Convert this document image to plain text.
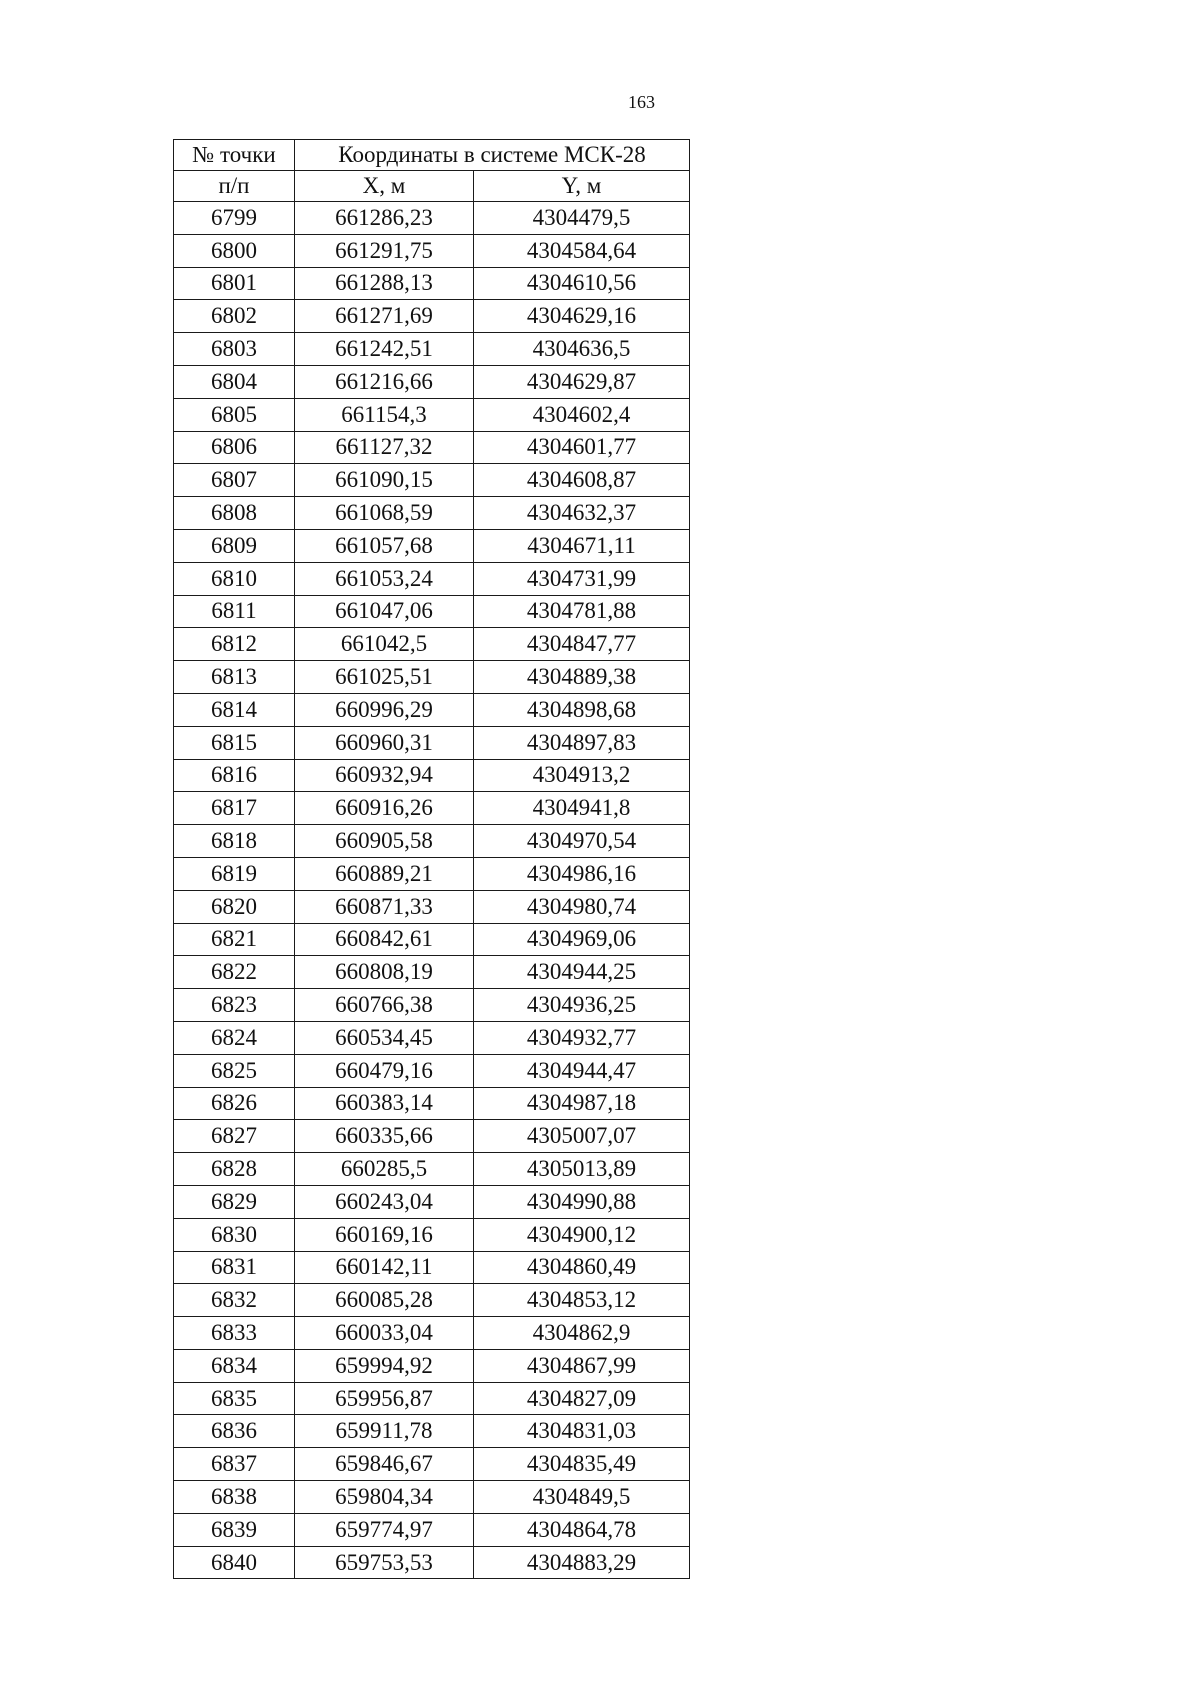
163
№ точки	Координаты в системе МСК-28	
п/п	X, м	Y, м
6799	661286,23	4304479,5
6800	661291,75	4304584,64
6801	661288,13	4304610,56
6802	661271,69	4304629,16
6803	661242,51	4304636,5
6804	661216,66	4304629,87
6805	661154,3	4304602,4
6806	661127,32	4304601,77
6807	661090,15	4304608,87
6808	661068,59	4304632,37
6809	661057,68	4304671,11
6810	661053,24	4304731,99
6811	661047,06	4304781,88
6812	661042,5	4304847,77
6813	661025,51	4304889,38
6814	660996,29	4304898,68
6815	660960,31	4304897,83
6816	660932,94	4304913,2
6817	660916,26	4304941,8
6818	660905,58	4304970,54
6819	660889,21	4304986,16
6820	660871,33	4304980,74
6821	660842,61	4304969,06
6822	660808,19	4304944,25
6823	660766,38	4304936,25
6824	660534,45	4304932,77
6825	660479,16	4304944,47
6826	660383,14	4304987,18
6827	660335,66	4305007,07
6828	660285,5	4305013,89
6829	660243,04	4304990,88
6830	660169,16	4304900,12
6831	660142,11	4304860,49
6832	660085,28	4304853,12
6833	660033,04	4304862,9
6834	659994,92	4304867,99
6835	659956,87	4304827,09
6836	659911,78	4304831,03
6837	659846,67	4304835,49
6838	659804,34	4304849,5
6839	659774,97	4304864,78
6840	659753,53	4304883,29
